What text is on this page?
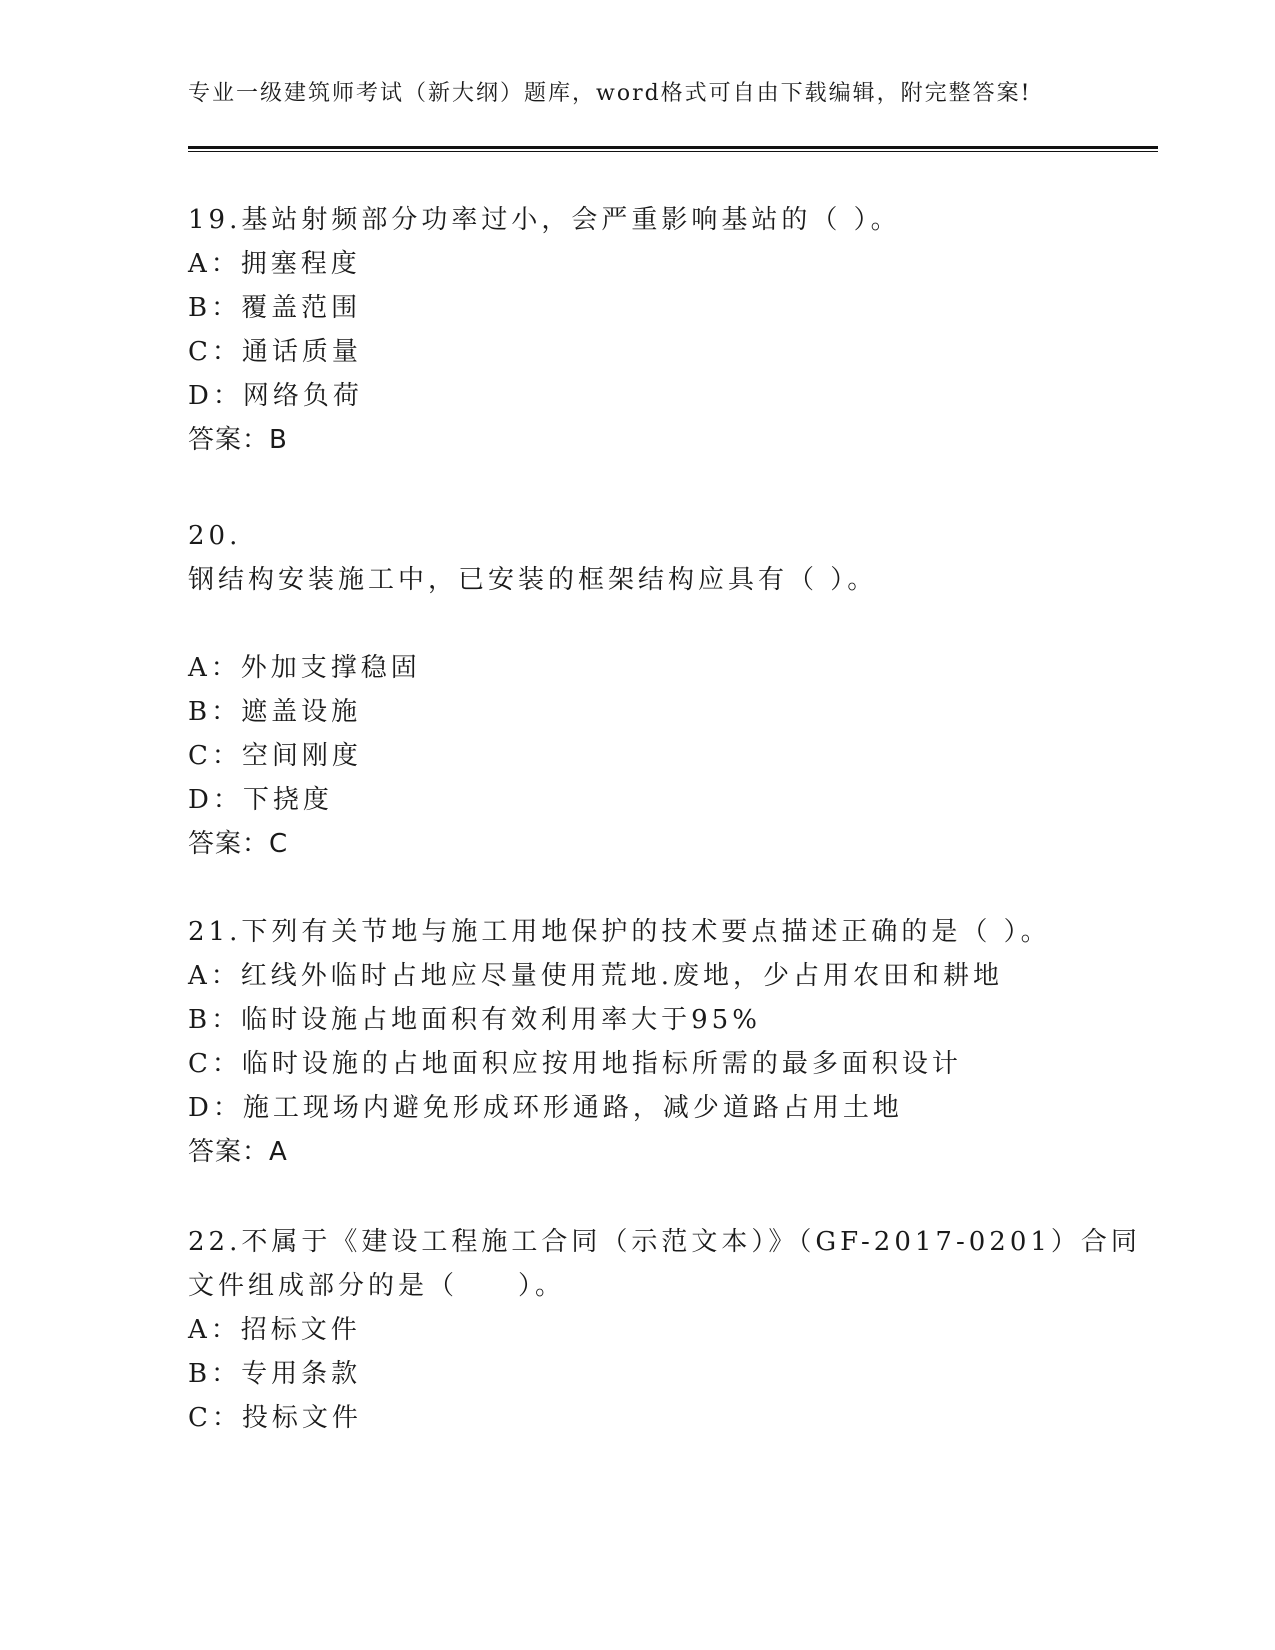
专业一级建筑师考试（新大纲）题库，word格式可自由下载编辑，附完整答案!
19.基站射频部分功率过小，会严重影响基站的（ ）。
A：拥塞程度
B：覆盖范围
C：通话质量
D：网络负荷
答案：B
20.
钢结构安装施工中，已安装的框架结构应具有（ ）。
A：外加支撑稳固
B：遮盖设施
C：空间刚度
D：下挠度
答案：C
21.下列有关节地与施工用地保护的技术要点描述正确的是（ ）。
A：红线外临时占地应尽量使用荒地.废地，少占用农田和耕地
B：临时设施占地面积有效利用率大于95%
C：临时设施的占地面积应按用地指标所需的最多面积设计
D：施工现场内避免形成环形通路，减少道路占用土地
答案：A
22.不属于《建设工程施工合同（示范文本）》（GF-2017-0201）合同
文件组成部分的是（　　）。
A：招标文件
B：专用条款
C：投标文件
